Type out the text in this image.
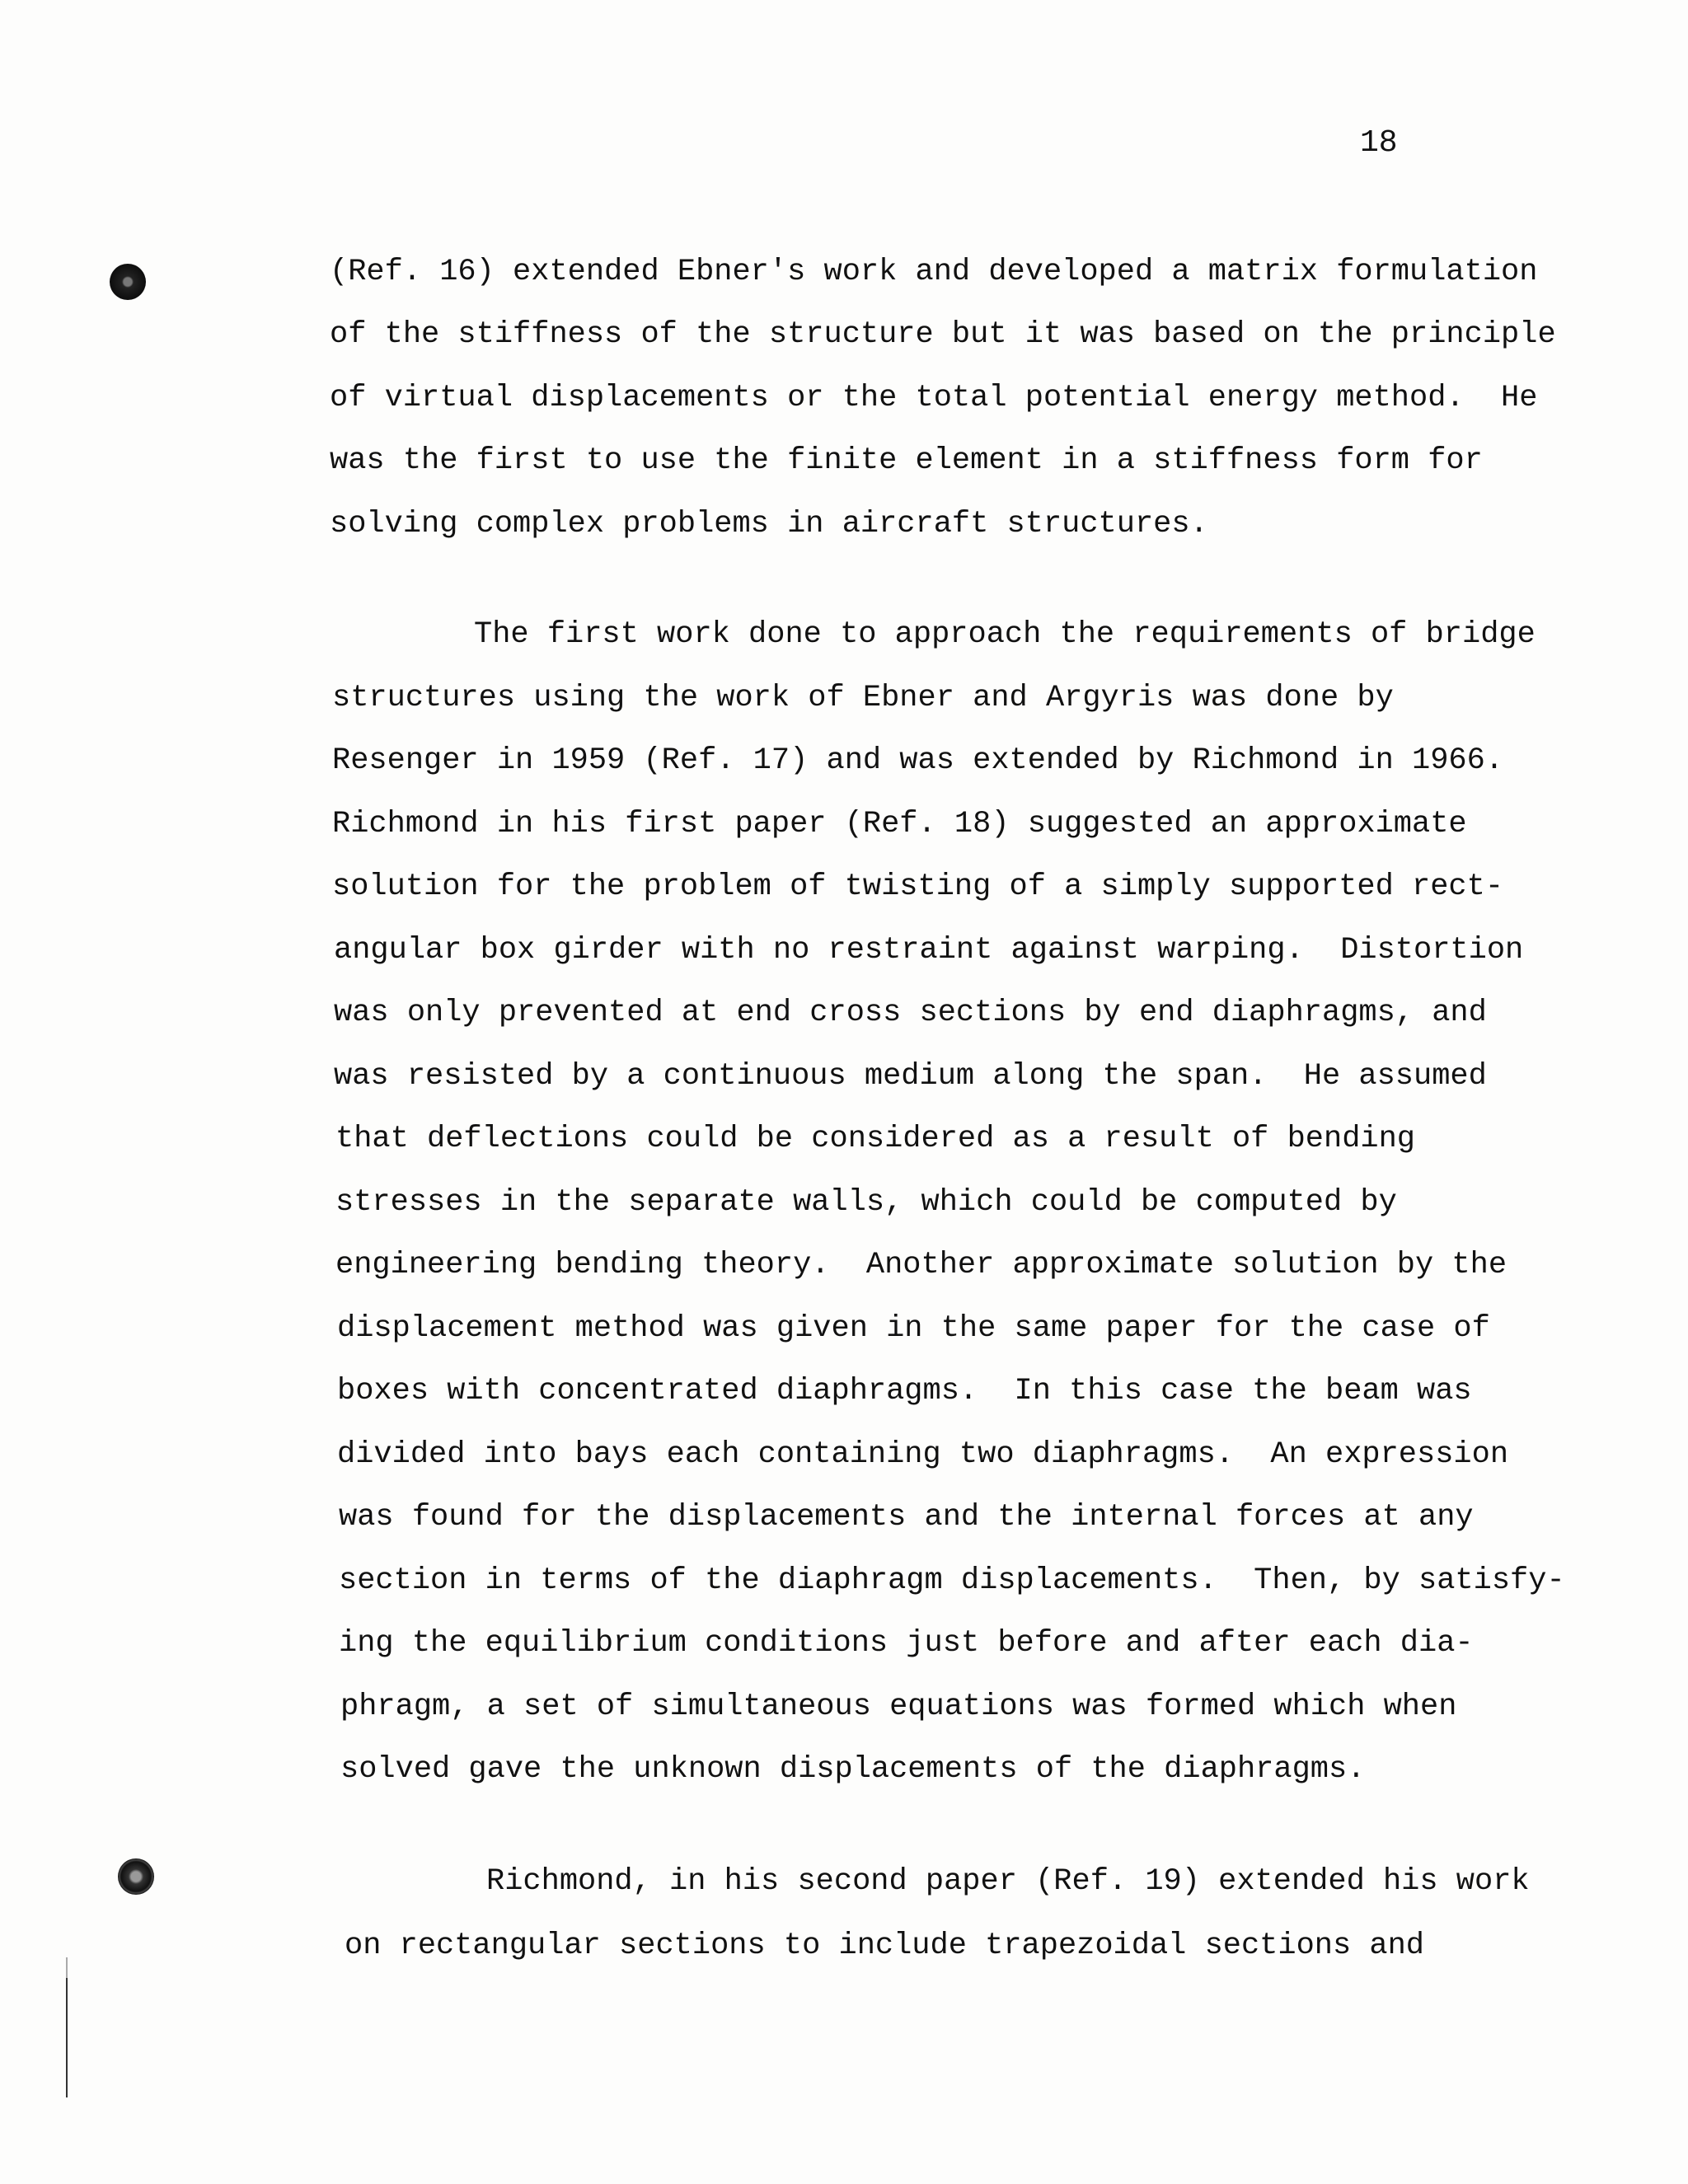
18
(Ref. 16) extended Ebner's work and developed a matrix formulation
of the stiffness of the structure but it was based on the principle
of virtual displacements or the total potential energy method.  He
was the first to use the finite element in a stiffness form for
solving complex problems in aircraft structures.
The first work done to approach the requirements of bridge
structures using the work of Ebner and Argyris was done by
Resenger in 1959 (Ref. 17) and was extended by Richmond in 1966.
Richmond in his first paper (Ref. 18) suggested an approximate
solution for the problem of twisting of a simply supported rect-
angular box girder with no restraint against warping.  Distortion
was only prevented at end cross sections by end diaphragms, and
was resisted by a continuous medium along the span.  He assumed
that deflections could be considered as a result of bending
stresses in the separate walls, which could be computed by
engineering bending theory.  Another approximate solution by the
displacement method was given in the same paper for the case of
boxes with concentrated diaphragms.  In this case the beam was
divided into bays each containing two diaphragms.  An expression
was found for the displacements and the internal forces at any
section in terms of the diaphragm displacements.  Then, by satisfy-
ing the equilibrium conditions just before and after each dia-
phragm, a set of simultaneous equations was formed which when
solved gave the unknown displacements of the diaphragms.
Richmond, in his second paper (Ref. 19) extended his work
on rectangular sections to include trapezoidal sections and
